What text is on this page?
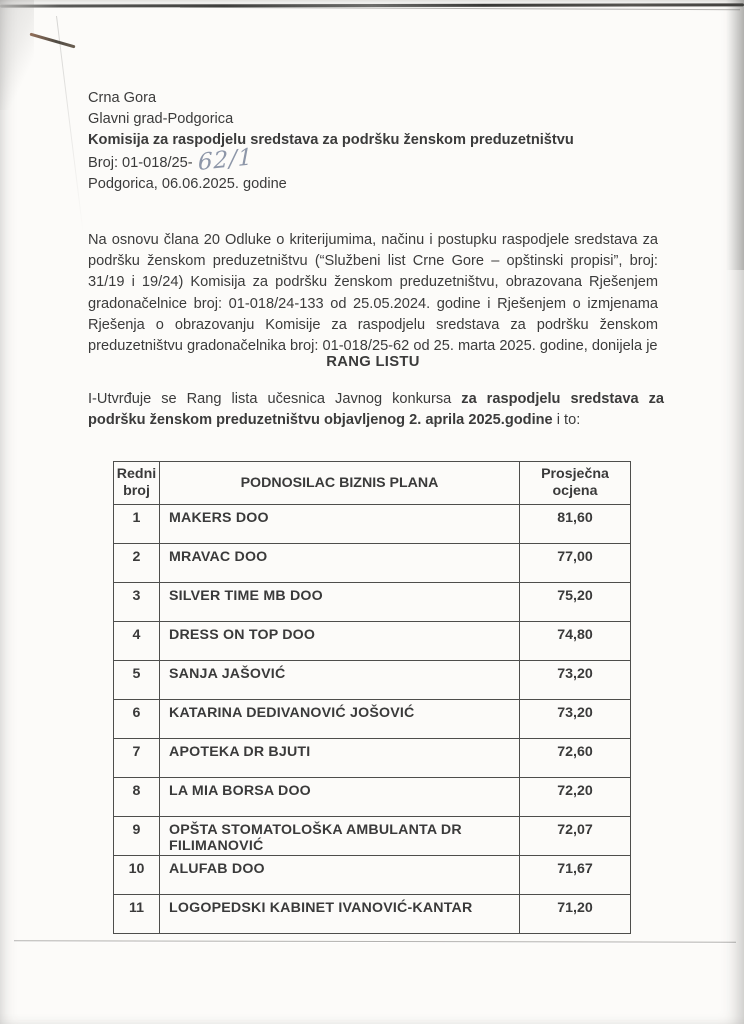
Crna Gora
Glavni grad-Podgorica
Komisija za raspodjelu sredstava za podršku ženskom preduzetništvu
Broj: 01-018/25- 62/1
Podgorica, 06.06.2025. godine

Na osnovu člana 20 Odluke o kriterijumima, načinu i postupku raspodjele sredstava za podršku ženskom preduzetništvu (“Službeni list Crne Gore – opštinski propisi”, broj: 31/19 i 19/24) Komisija za podršku ženskom preduzetništvu, obrazovana Rješenjem gradonačelnice broj: 01-018/24-133 od 25.05.2024. godine i Rješenjem o izmjenama Rješenja o obrazovanju Komisije za raspodjelu sredstava za podršku ženskom preduzetništvu gradonačelnika broj: 01-018/25-62 od 25. marta 2025. godine, donijela je

RANG LISTU

I-Utvrđuje se Rang lista učesnica Javnog konkursa za raspodjelu sredstava za podršku ženskom preduzetništvu objavljenog 2. aprila 2025.godine i to:

Redni broj	PODNOSILAC BIZNIS PLANA	Prosječna ocjena
1	MAKERS DOO	81,60
2	MRAVAC DOO	77,00
3	SILVER TIME MB DOO	75,20
4	DRESS ON TOP DOO	74,80
5	SANJA JAŠOVIĆ	73,20
6	KATARINA DEDIVANOVIĆ JOŠOVIĆ	73,20
7	APOTEKA DR BJUTI	72,60
8	LA MIA BORSA DOO	72,20
9	OPŠTA STOMATOLOŠKA AMBULANTA DR FILIMANOVIĆ	72,07
10	ALUFAB DOO	71,67
11	LOGOPEDSKI KABINET IVANOVIĆ-KANTAR	71,20
